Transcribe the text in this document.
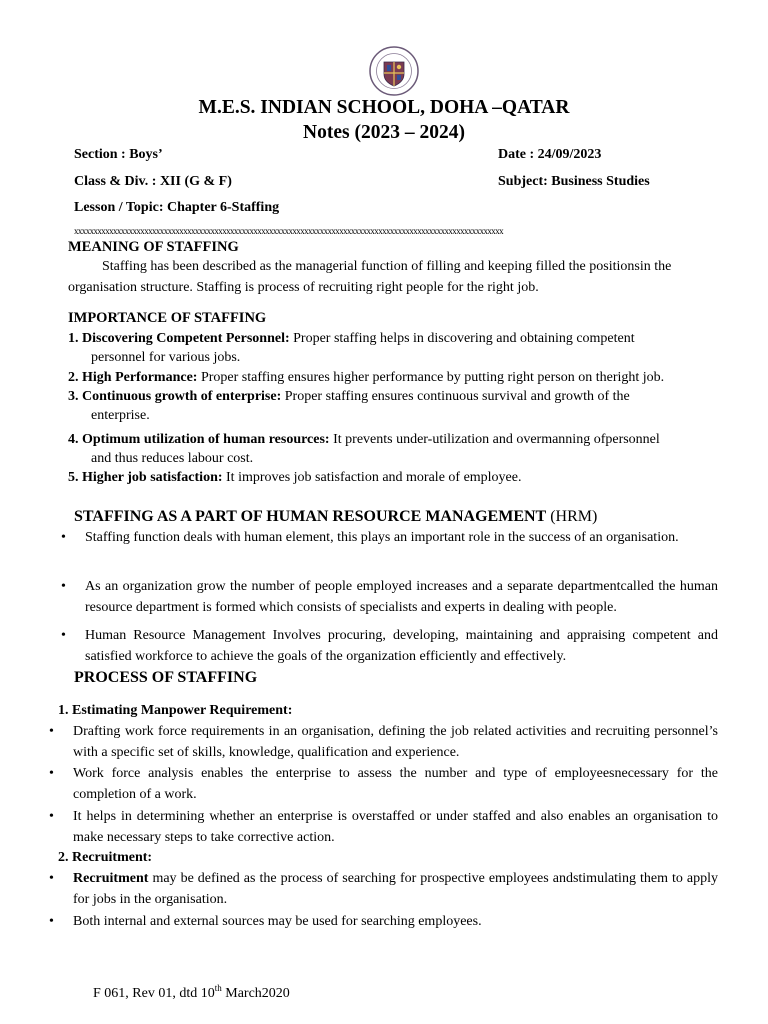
M.E.S. INDIAN SCHOOL, DOHA –QATAR
Notes (2023 – 2024)
Section : Boys’	Date : 24/09/2023
Class & Div. : XII (G & F)	Subject: Business Studies
Lesson / Topic: Chapter 6-Staffing
xxxxxxxxxxxxxxxxxxxxxxxxxxxxxxxxxxxxxxxxxxxxxxxxxxxxxxxxxxxxxxxxxxxxxxxxxxxxxxxxxxxxxxxxxxxxxxxxxxxxxxxxxxxxxx
MEANING OF STAFFING
Staffing has been described as the managerial function of filling and keeping filled the positionsin the
organisation structure. Staffing is process of recruiting right people for the right job.
IMPORTANCE OF STAFFING
1. Discovering Competent Personnel: Proper staffing helps in discovering and obtaining competent
personnel for various jobs.
2. High Performance: Proper staffing ensures higher performance by putting right person on theright job.
3. Continuous growth of enterprise: Proper staffing ensures continuous survival and growth of the
enterprise.
4. Optimum utilization of human resources: It prevents under-utilization and overmanning ofpersonnel
and thus reduces labour cost.
5. Higher job satisfaction: It improves job satisfaction and morale of employee.
STAFFING AS A PART OF HUMAN RESOURCE MANAGEMENT (HRM)
• Staffing function deals with human element, this plays an important role in the success of an organisation.
• As an organization grow the number of people employed increases and a separate departmentcalled the human resource department is formed which consists of specialists and experts in dealing with people.
• Human Resource Management Involves procuring, developing, maintaining and appraising competent and satisfied workforce to achieve the goals of the organization efficiently and effectively.
PROCESS OF STAFFING
1. Estimating Manpower Requirement:
• Drafting work force requirements in an organisation, defining the job related activities and recruiting personnel’s with a specific set of skills, knowledge, qualification and experience.
• Work force analysis enables the enterprise to assess the number and type of employeesnecessary for the completion of a work.
• It helps in determining whether an enterprise is overstaffed or under staffed and also enables an organisation to make necessary steps to take corrective action.
2. Recruitment:
• Recruitment may be defined as the process of searching for prospective employees andstimulating them to apply for jobs in the organisation.
• Both internal and external sources may be used for searching employees.
F 061, Rev 01, dtd 10th March2020
